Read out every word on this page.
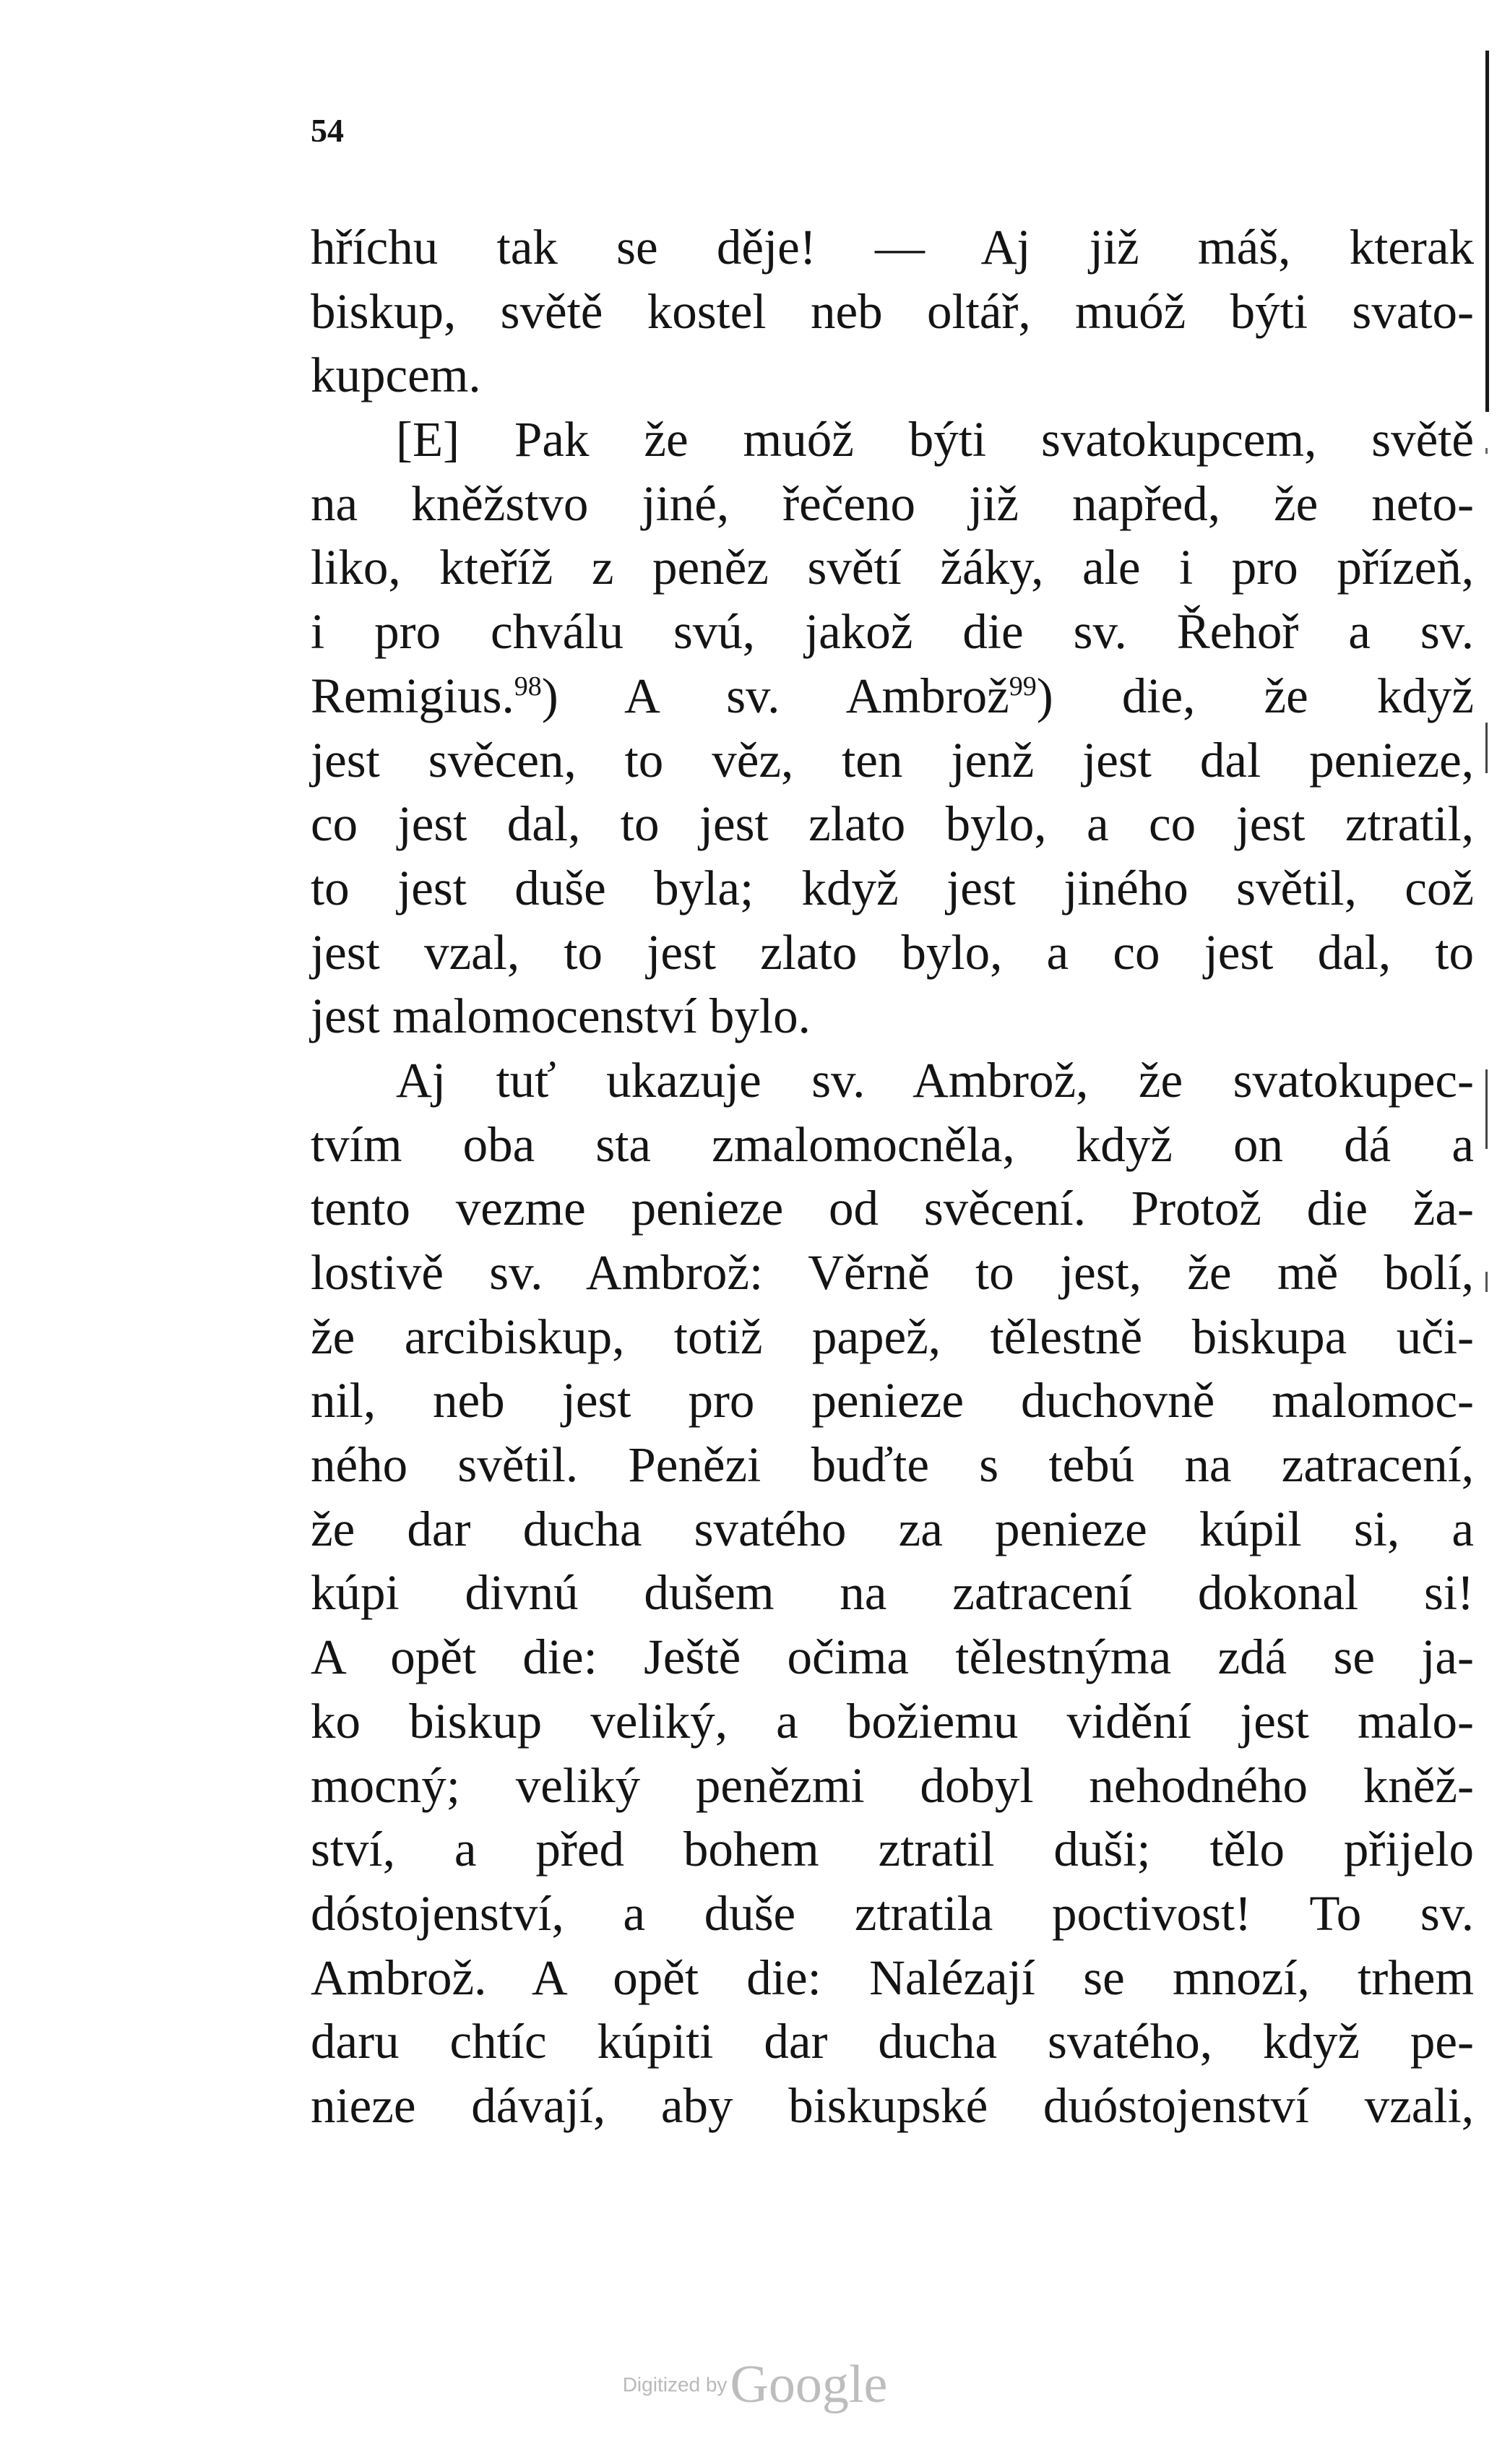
54
hříchu tak se děje! — Aj již máš, kterak
biskup, světě kostel neb oltář, muóž býti svato-
kupcem.
[E] Pak že muóž býti svatokupcem, světě
na kněžstvo jiné, řečeno již napřed, že neto-
liko, kteříž z peněz světí žáky, ale i pro přízeň,
i pro chválu svú, jakož die sv. Řehoř a sv.
Remigius.$^{98}$) A sv. Ambrož$^{99}$) die, že když
jest svěcen, to věz, ten jenž jest dal penieze,
co jest dal, to jest zlato bylo, a co jest ztratil,
to jest duše byla; když jest jiného světil, což
jest vzal, to jest zlato bylo, a co jest dal, to
jest malomocenství bylo.
Aj tuť ukazuje sv. Ambrož, že svatokupec-
tvím oba sta zmalomocněla, když on dá a
tento vezme penieze od svěcení. Protož die ža-
lostivě sv. Ambrož: Věrně to jest, že mě bolí,
že arcibiskup, totiž papež, tělestně biskupa uči-
nil, neb jest pro penieze duchovně malomoc-
ného světil. Penězi buďte s tebú na zatracení,
že dar ducha svatého za penieze kúpil si, a
kúpi divnú dušem na zatracení dokonal si!
A opět die: Ještě očima tělestnýma zdá se ja-
ko biskup veliký, a božiemu vidění jest malo-
mocný; veliký penězmi dobyl nehodného kněž-
ství, a před bohem ztratil duši; tělo přijelo
dóstojenství, a duše ztratila poctivost! To sv.
Ambrož. A opět die: Nalézají se mnozí, trhem
daru chtíc kúpiti dar ducha svatého, když pe-
nieze dávají, aby biskupské duóstojenství vzali,
Digitized by Google
